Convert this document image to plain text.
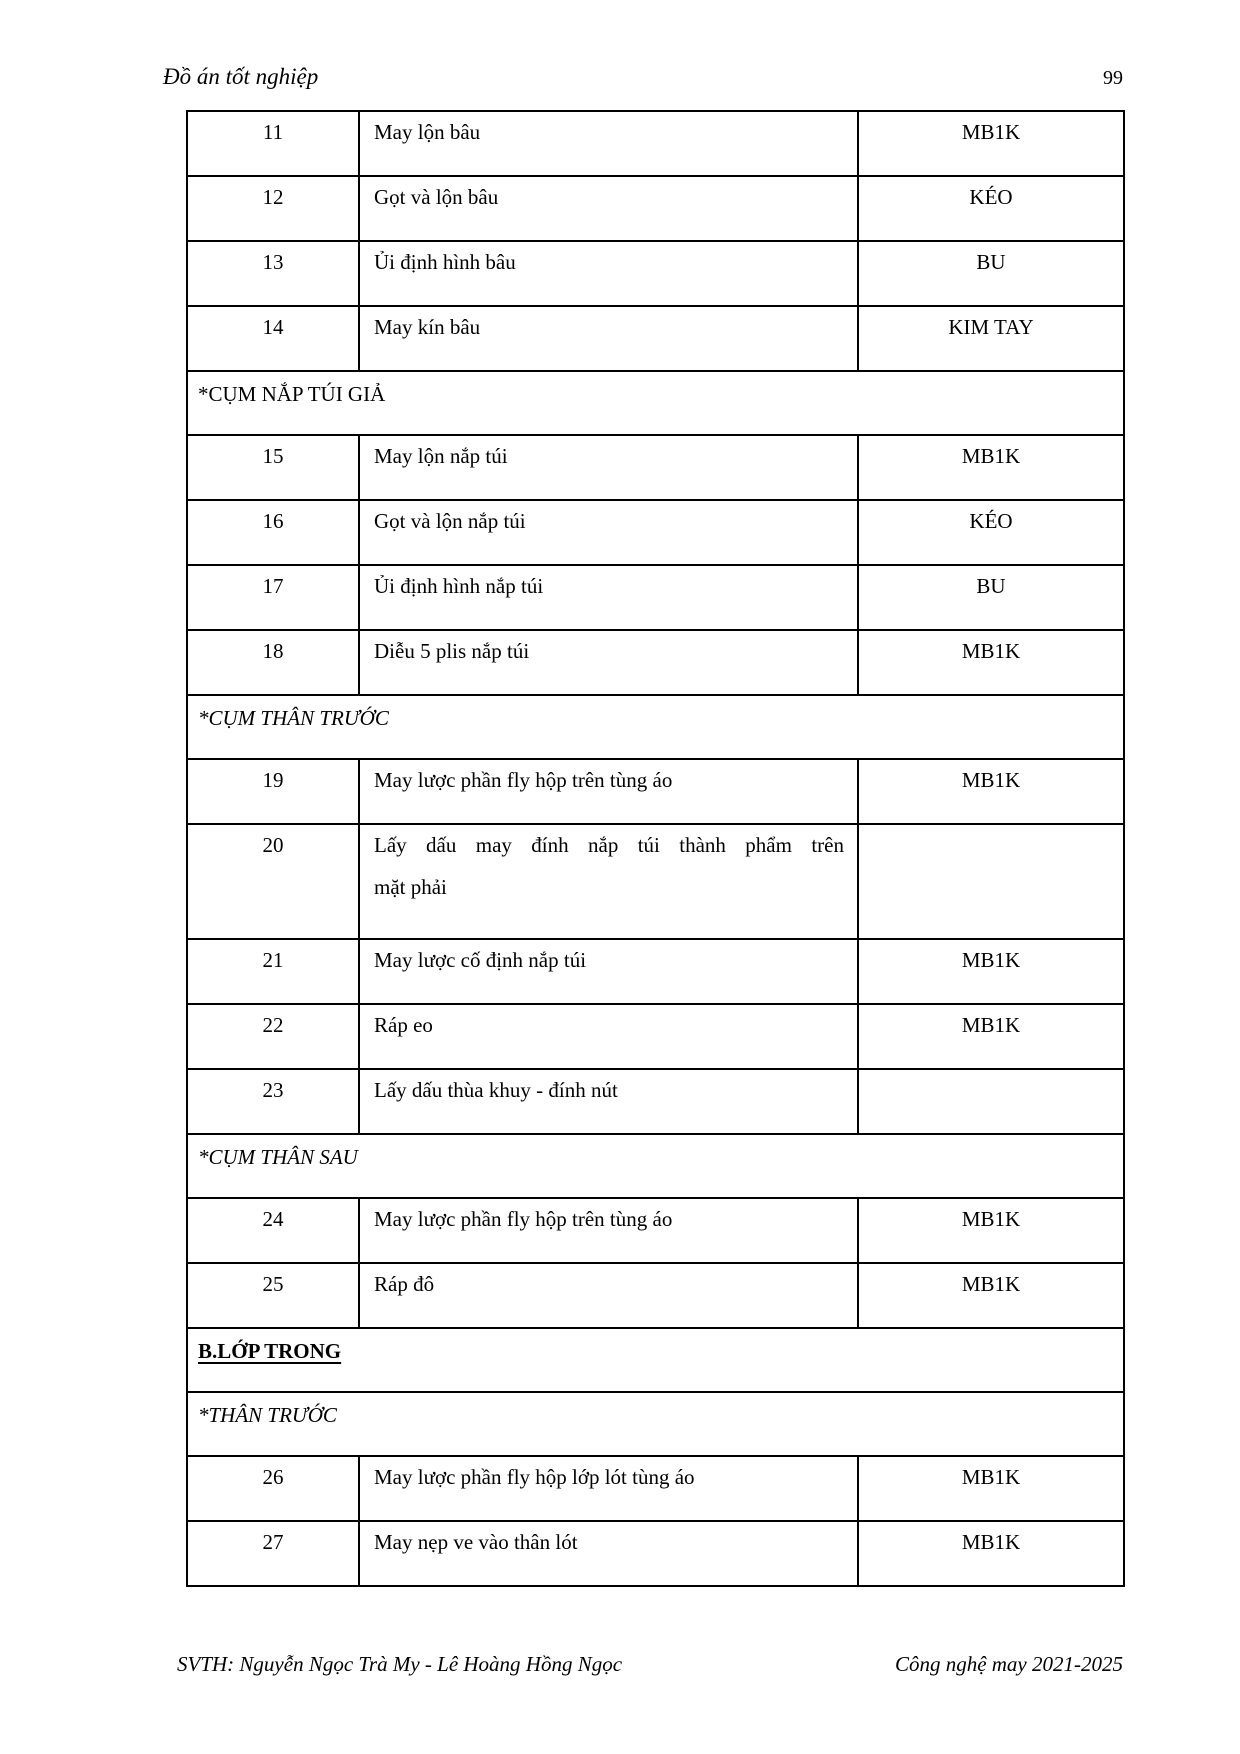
Đồ án tốt nghiệp	99
11	May lộn bâu	MB1K
12	Gọt và lộn bâu	KÉO
13	Ủi định hình bâu	BU
14	May kín bâu	KIM TAY
*CỤM NẮP TÚI GIẢ		
15	May lộn nắp túi	MB1K
16	Gọt và lộn nắp túi	KÉO
17	Ủi định hình nắp túi	BU
18	Diễu 5 plis nắp túi	MB1K
*CỤM THÂN TRƯỚC		
19	May lược phần fly hộp trên tùng áo	MB1K
20	Lấy dấu may đính nắp túi thành phẩm trên
mặt phải	

21	May lược cố định nắp túi	MB1K
22	Ráp eo	MB1K
23	Lấy dấu thùa khuy - đính nút	
*CỤM THÂN SAU		
24	May lược phần fly hộp trên tùng áo	MB1K
25	Ráp đô	MB1K
B.LỚP TRONG		
*THÂN TRƯỚC		
26	May lược phần fly hộp lớp lót tùng áo	MB1K
27	May nẹp ve vào thân lót	MB1K
SVTH: Nguyễn Ngọc Trà My - Lê Hoàng Hồng Ngọc	Công nghệ may 2021-2025
